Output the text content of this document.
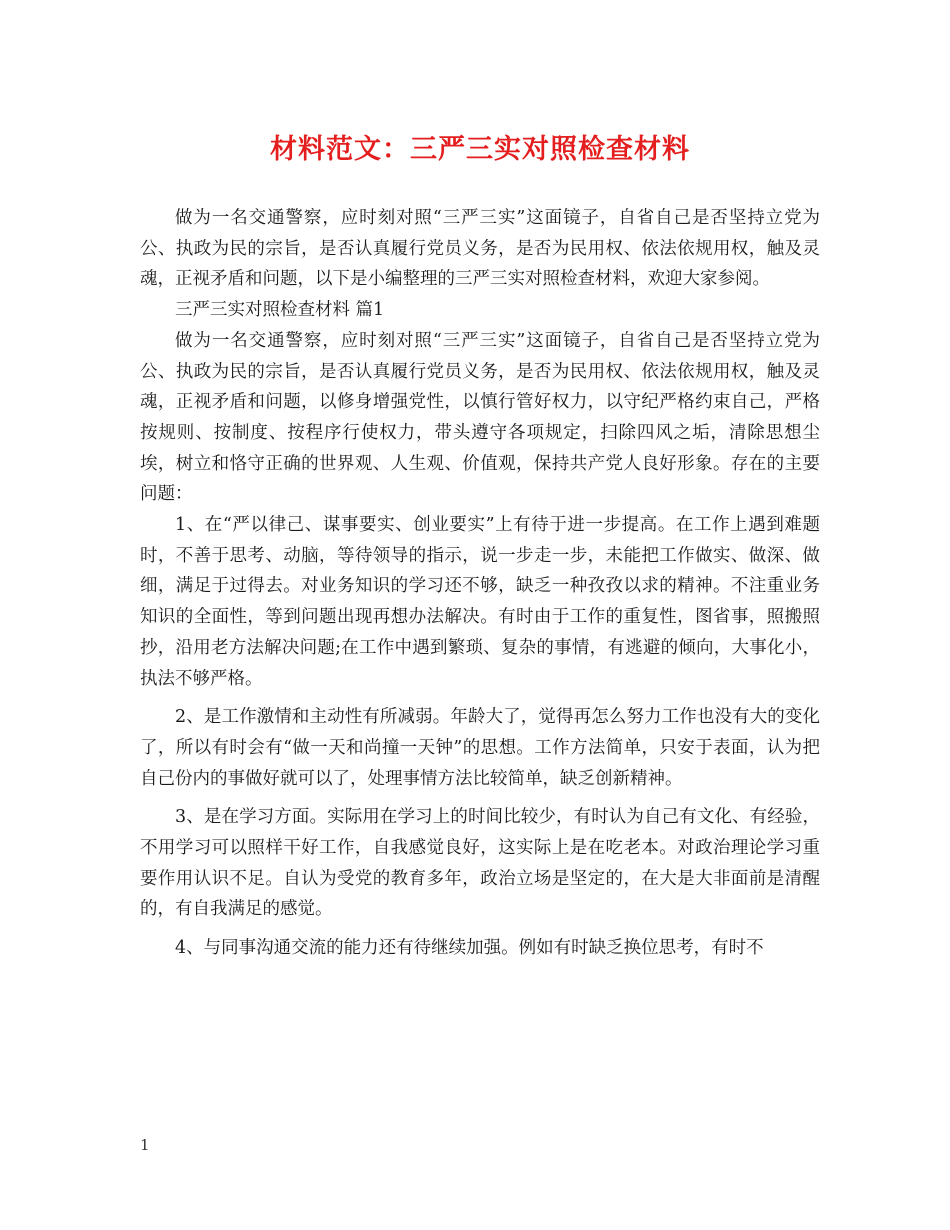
材料范文：三严三实对照检查材料

做为一名交通警察，应时刻对照“三严三实”这面镜子，自省自己是否坚持立党为公、执政为民的宗旨，是否认真履行党员义务，是否为民用权、依法依规用权，触及灵魂，正视矛盾和问题，以下是小编整理的三严三实对照检查材料，欢迎大家参阅。

三严三实对照检查材料 篇1

做为一名交通警察，应时刻对照“三严三实”这面镜子，自省自己是否坚持立党为公、执政为民的宗旨，是否认真履行党员义务，是否为民用权、依法依规用权，触及灵魂，正视矛盾和问题，以修身增强党性，以慎行管好权力，以守纪严格约束自己，严格按规则、按制度、按程序行使权力，带头遵守各项规定，扫除四风之垢，清除思想尘埃，树立和恪守正确的世界观、人生观、价值观，保持共产党人良好形象。存在的主要问题：

1、在“严以律己、谋事要实、创业要实”上有待于进一步提高。在工作上遇到难题时，不善于思考、动脑，等待领导的指示，说一步走一步，未能把工作做实、做深、做细，满足于过得去。对业务知识的学习还不够，缺乏一种孜孜以求的精神。不注重业务知识的全面性，等到问题出现再想办法解决。有时由于工作的重复性，图省事，照搬照抄，沿用老方法解决问题;在工作中遇到繁琐、复杂的事情，有逃避的倾向，大事化小，执法不够严格。

2、是工作激情和主动性有所减弱。年龄大了，觉得再怎么努力工作也没有大的变化了，所以有时会有“做一天和尚撞一天钟”的思想。工作方法简单，只安于表面，认为把自己份内的事做好就可以了，处理事情方法比较简单，缺乏创新精神。

3、是在学习方面。实际用在学习上的时间比较少，有时认为自己有文化、有经验，不用学习可以照样干好工作，自我感觉良好，这实际上是在吃老本。对政治理论学习重要作用认识不足。自认为受党的教育多年，政治立场是坚定的，在大是大非面前是清醒的，有自我满足的感觉。

4、与同事沟通交流的能力还有待继续加强。例如有时缺乏换位思考，有时不

1
